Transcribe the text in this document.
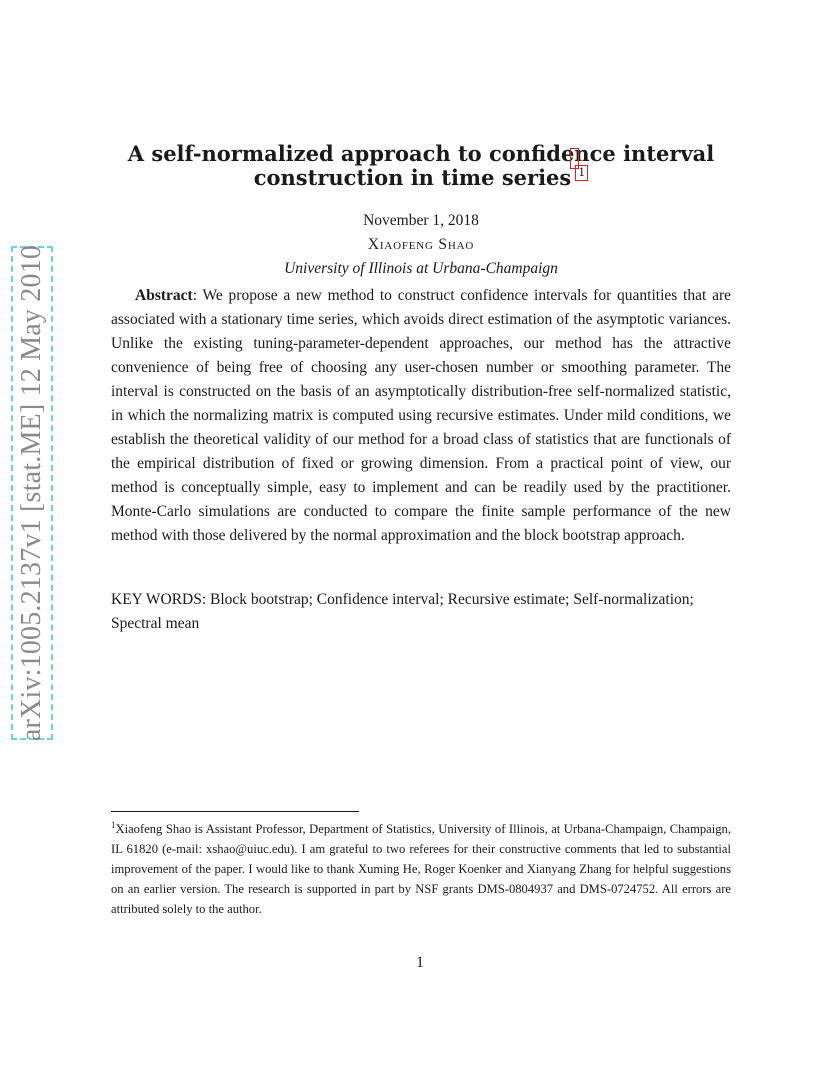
arXiv:1005.2137v1 [stat.ME] 12 May 2010
A self-normalized approach to confidence interval
construction in time series 1
November 1, 2018
Xiaofeng Shao
University of Illinois at Urbana-Champaign
Abstract: We propose a new method to construct confidence intervals for quantities that are associated with a stationary time series, which avoids direct estimation of the asymptotic variances. Unlike the existing tuning-parameter-dependent approaches, our method has the attractive convenience of being free of choosing any user-chosen number or smoothing parameter. The interval is constructed on the basis of an asymptotically distribution-free self-normalized statistic, in which the normalizing matrix is computed using recursive estimates. Under mild conditions, we establish the theoretical validity of our method for a broad class of statistics that are functionals of the empirical distribution of fixed or growing dimension. From a practical point of view, our method is conceptually simple, easy to implement and can be readily used by the practitioner. Monte-Carlo simulations are conducted to compare the finite sample performance of the new method with those delivered by the normal approximation and the block bootstrap approach.
KEY WORDS: Block bootstrap; Confidence interval; Recursive estimate; Self-normalization; Spectral mean
$^1$Xiaofeng Shao is Assistant Professor, Department of Statistics, University of Illinois, at Urbana-Champaign, Champaign, IL 61820 (e-mail: xshao@uiuc.edu). I am grateful to two referees for their constructive comments that led to substantial improvement of the paper. I would like to thank Xuming He, Roger Koenker and Xianyang Zhang for helpful suggestions on an earlier version. The research is supported in part by NSF grants DMS-0804937 and DMS-0724752. All errors are attributed solely to the author.
1
